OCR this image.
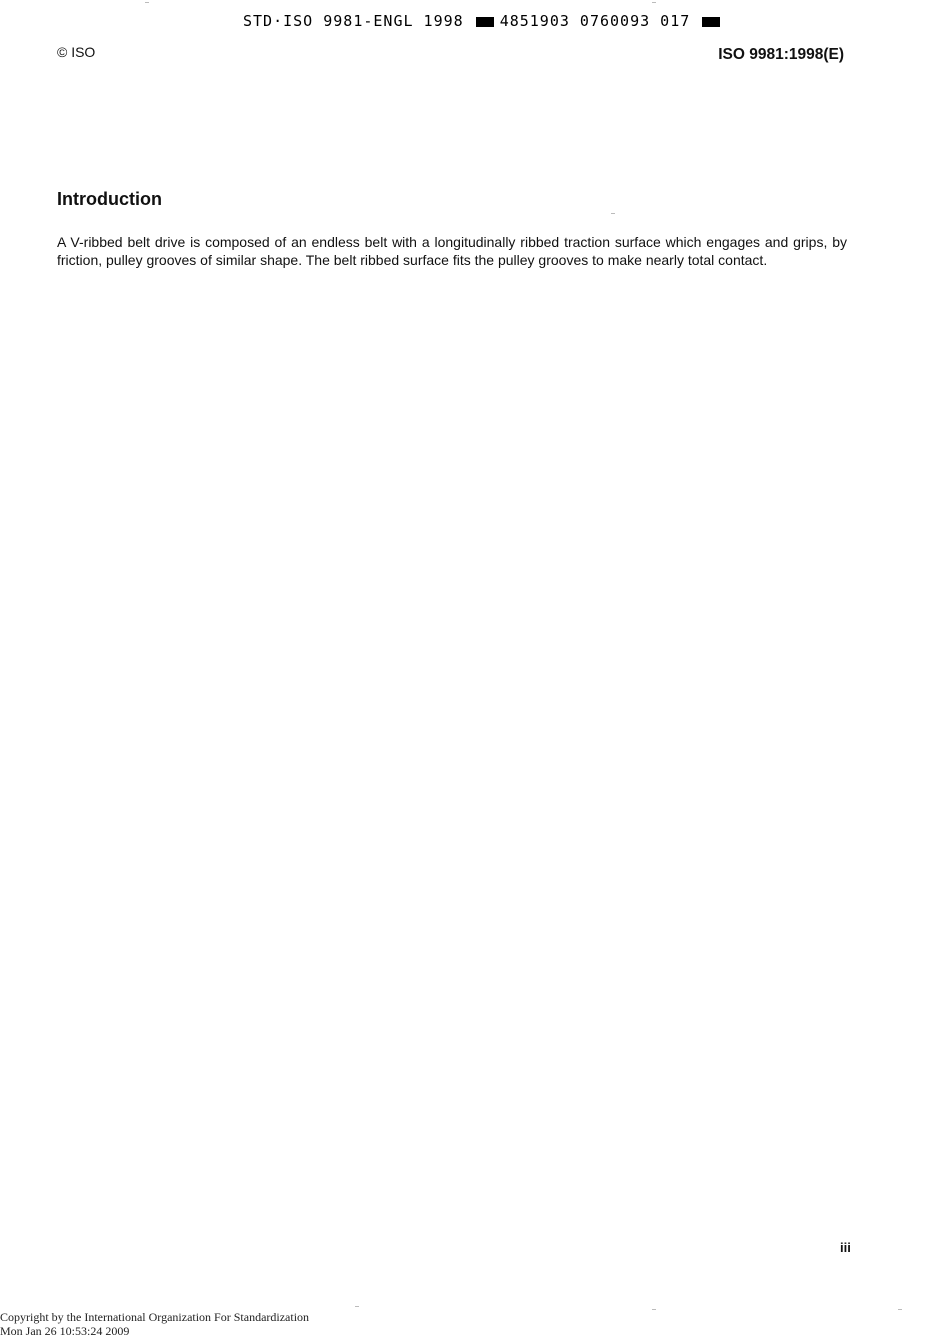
STD·ISO 9981-ENGL 1998 4851903 0760093 017
© ISO	ISO 9981:1998(E)
Introduction

A V-ribbed belt drive is composed of an endless belt with a longitudinally ribbed traction surface which engages and grips, by friction, pulley grooves of similar shape. The belt ribbed surface fits the pulley grooves to make nearly total contact.

iii
Copyright by the International Organization For Standardization
Mon Jan 26 10:53:24 2009
